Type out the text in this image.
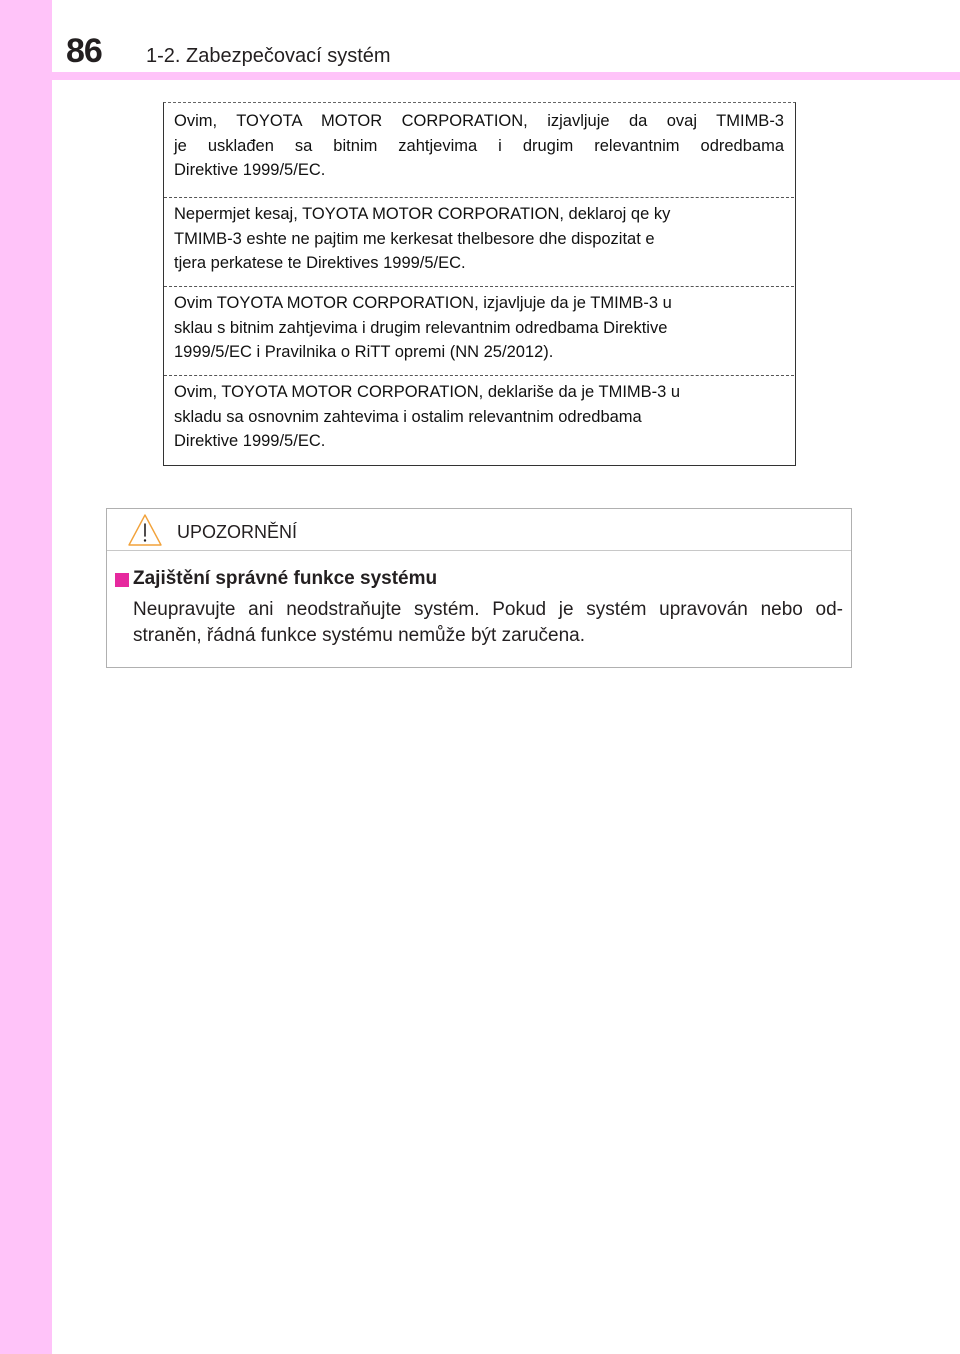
86 1-2. Zabezpečovací systém
Ovim, TOYOTA MOTOR CORPORATION, izjavljuje da ovaj TMIMB-3
je usklađen sa bitnim zahtjevima i drugim relevantnim odredbama
Direktive 1999/5/EC.
Nepermjet kesaj, TOYOTA MOTOR CORPORATION, deklaroj qe ky
TMIMB-3 eshte ne pajtim me kerkesat thelbesore dhe dispozitat e
tjera perkatese te Direktives 1999/5/EC.
Ovim TOYOTA MOTOR CORPORATION, izjavljuje da je TMIMB-3 u
sklau s bitnim zahtjevima i drugim relevantnim odredbama Direktive
1999/5/EC i Pravilnika o RiTT opremi (NN 25/2012).
Ovim, TOYOTA MOTOR CORPORATION, deklariše da je TMIMB-3 u
skladu sa osnovnim zahtevima i ostalim relevantnim odredbama
Direktive 1999/5/EC.
UPOZORNĚNÍ
Zajištění správné funkce systému
Neupravujte ani neodstraňujte systém. Pokud je systém upravován nebo od-
straněn, řádná funkce systému nemůže být zaručena.
